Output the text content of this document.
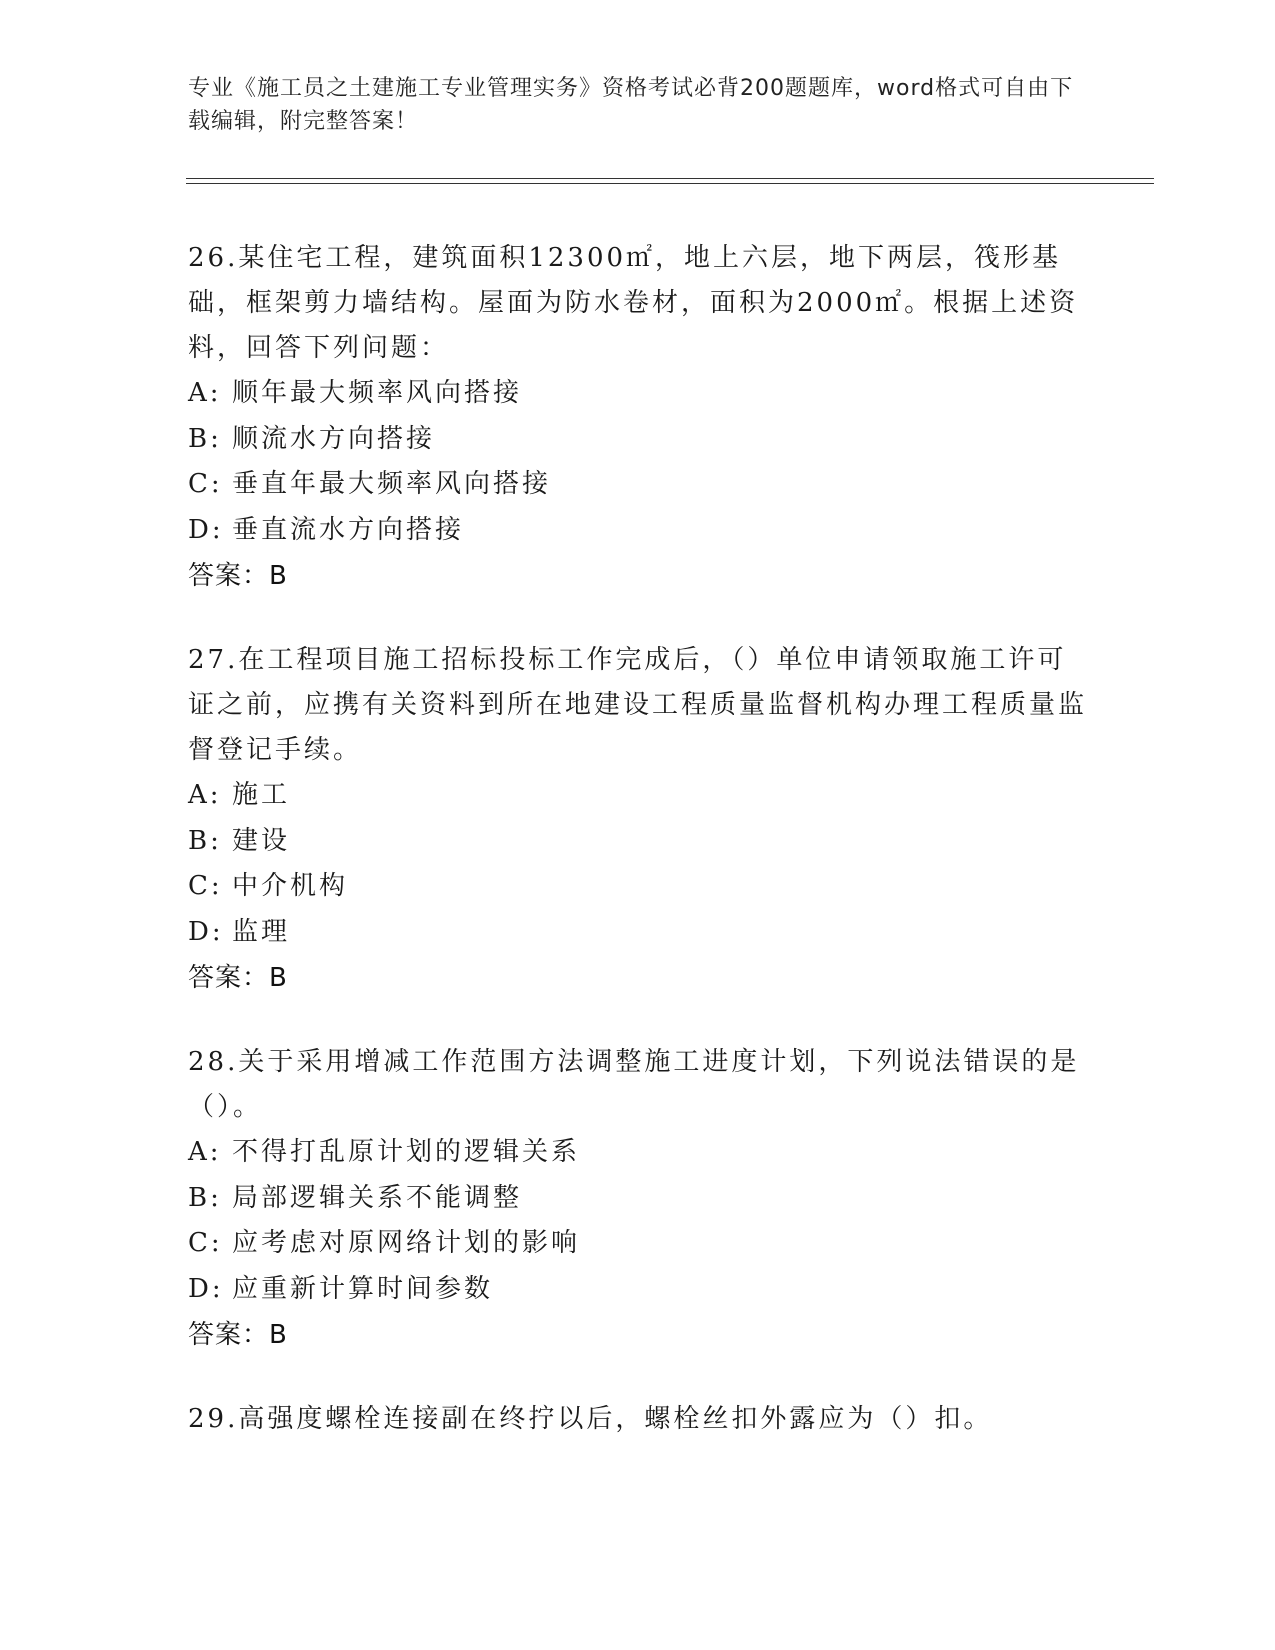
专业《施工员之土建施工专业管理实务》资格考试必背200题题库，word格式可自由下载编辑，附完整答案！

26.某住宅工程，建筑面积12300㎡，地上六层，地下两层，筏形基础，框架剪力墙结构。屋面为防水卷材，面积为2000㎡。根据上述资料，回答下列问题：

A: 顺年最大频率风向搭接

B: 顺流水方向搭接

C: 垂直年最大频率风向搭接

D: 垂直流水方向搭接

答案：B

27.在工程项目施工招标投标工作完成后，（）单位申请领取施工许可证之前，应携有关资料到所在地建设工程质量监督机构办理工程质量监督登记手续。

A: 施工

B: 建设

C: 中介机构

D: 监理

答案：B

28.关于采用增减工作范围方法调整施工进度计划，下列说法错误的是（）。

A: 不得打乱原计划的逻辑关系

B: 局部逻辑关系不能调整

C: 应考虑对原网络计划的影响

D: 应重新计算时间参数

答案：B

29.高强度螺栓连接副在终拧以后，螺栓丝扣外露应为（）扣。
